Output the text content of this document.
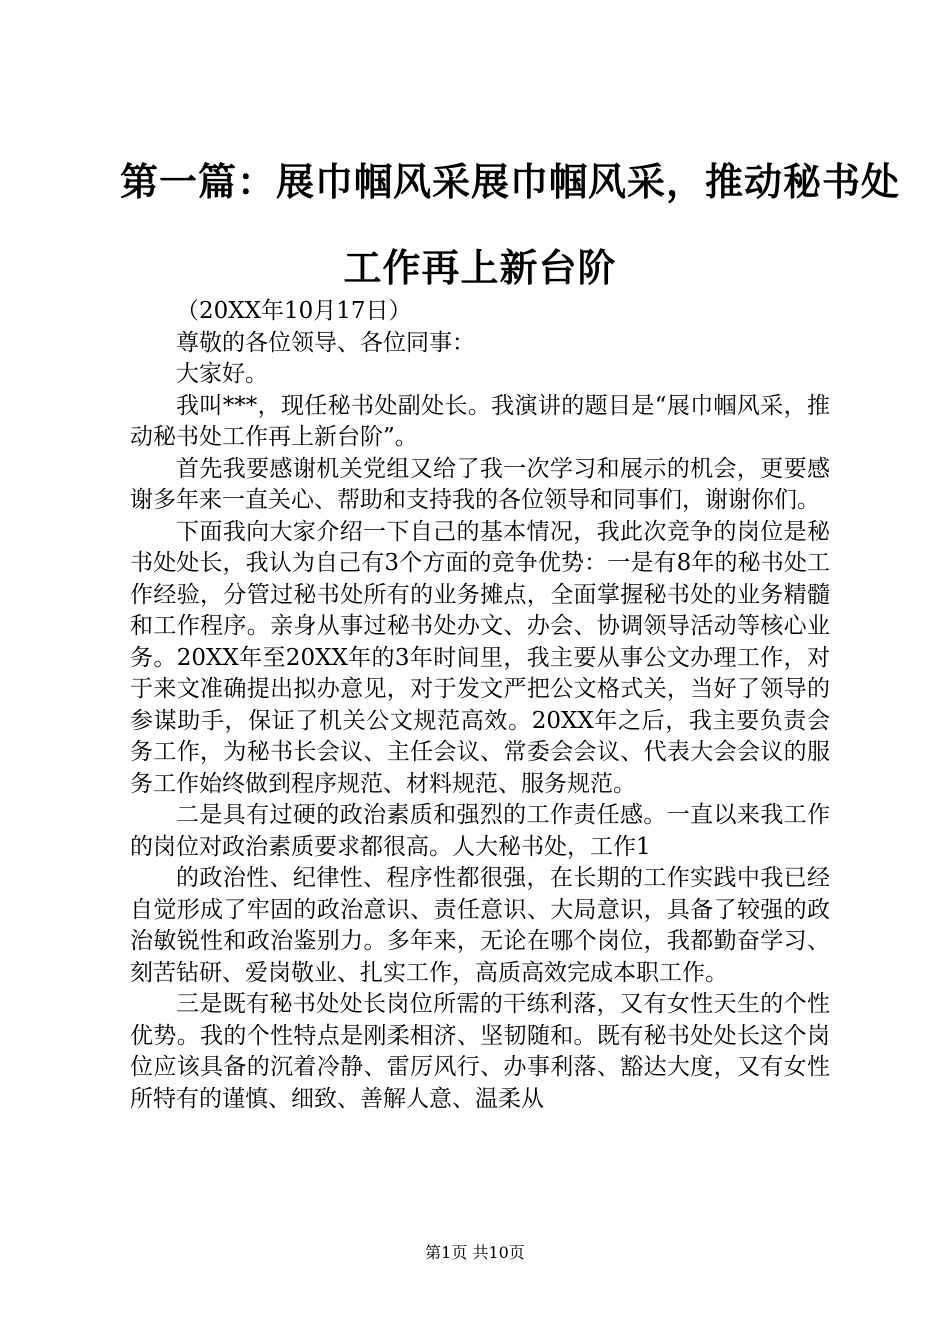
第一篇：展巾帼风采展巾帼风采，推动秘书处
工作再上新台阶

（20XX年10月17日）

尊敬的各位领导、各位同事：

大家好。

我叫***，现任秘书处副处长。我演讲的题目是“展巾帼风采，推动秘书处工作再上新台阶”。

首先我要感谢机关党组又给了我一次学习和展示的机会，更要感谢多年来一直关心、帮助和支持我的各位领导和同事们，谢谢你们。

下面我向大家介绍一下自己的基本情况，我此次竞争的岗位是秘书处处长，我认为自己有3个方面的竞争优势：一是有8年的秘书处工作经验，分管过秘书处所有的业务摊点，全面掌握秘书处的业务精髓和工作程序。亲身从事过秘书处办文、办会、协调领导活动等核心业务。20XX年至20XX年的3年时间里，我主要从事公文办理工作，对于来文准确提出拟办意见，对于发文严把公文格式关，当好了领导的参谋助手，保证了机关公文规范高效。20XX年之后，我主要负责会务工作，为秘书长会议、主任会议、常委会会议、代表大会会议的服务工作始终做到程序规范、材料规范、服务规范。

二是具有过硬的政治素质和强烈的工作责任感。一直以来我工作的岗位对政治素质要求都很高。人大秘书处，工作1

的政治性、纪律性、程序性都很强，在长期的工作实践中我已经自觉形成了牢固的政治意识、责任意识、大局意识，具备了较强的政治敏锐性和政治鉴别力。多年来，无论在哪个岗位，我都勤奋学习、刻苦钻研、爱岗敬业、扎实工作，高质高效完成本职工作。

三是既有秘书处处长岗位所需的干练利落，又有女性天生的个性优势。我的个性特点是刚柔相济、坚韧随和。既有秘书处处长这个岗位应该具备的沉着冷静、雷厉风行、办事利落、豁达大度，又有女性所特有的谨慎、细致、善解人意、温柔从

第1页 共10页
